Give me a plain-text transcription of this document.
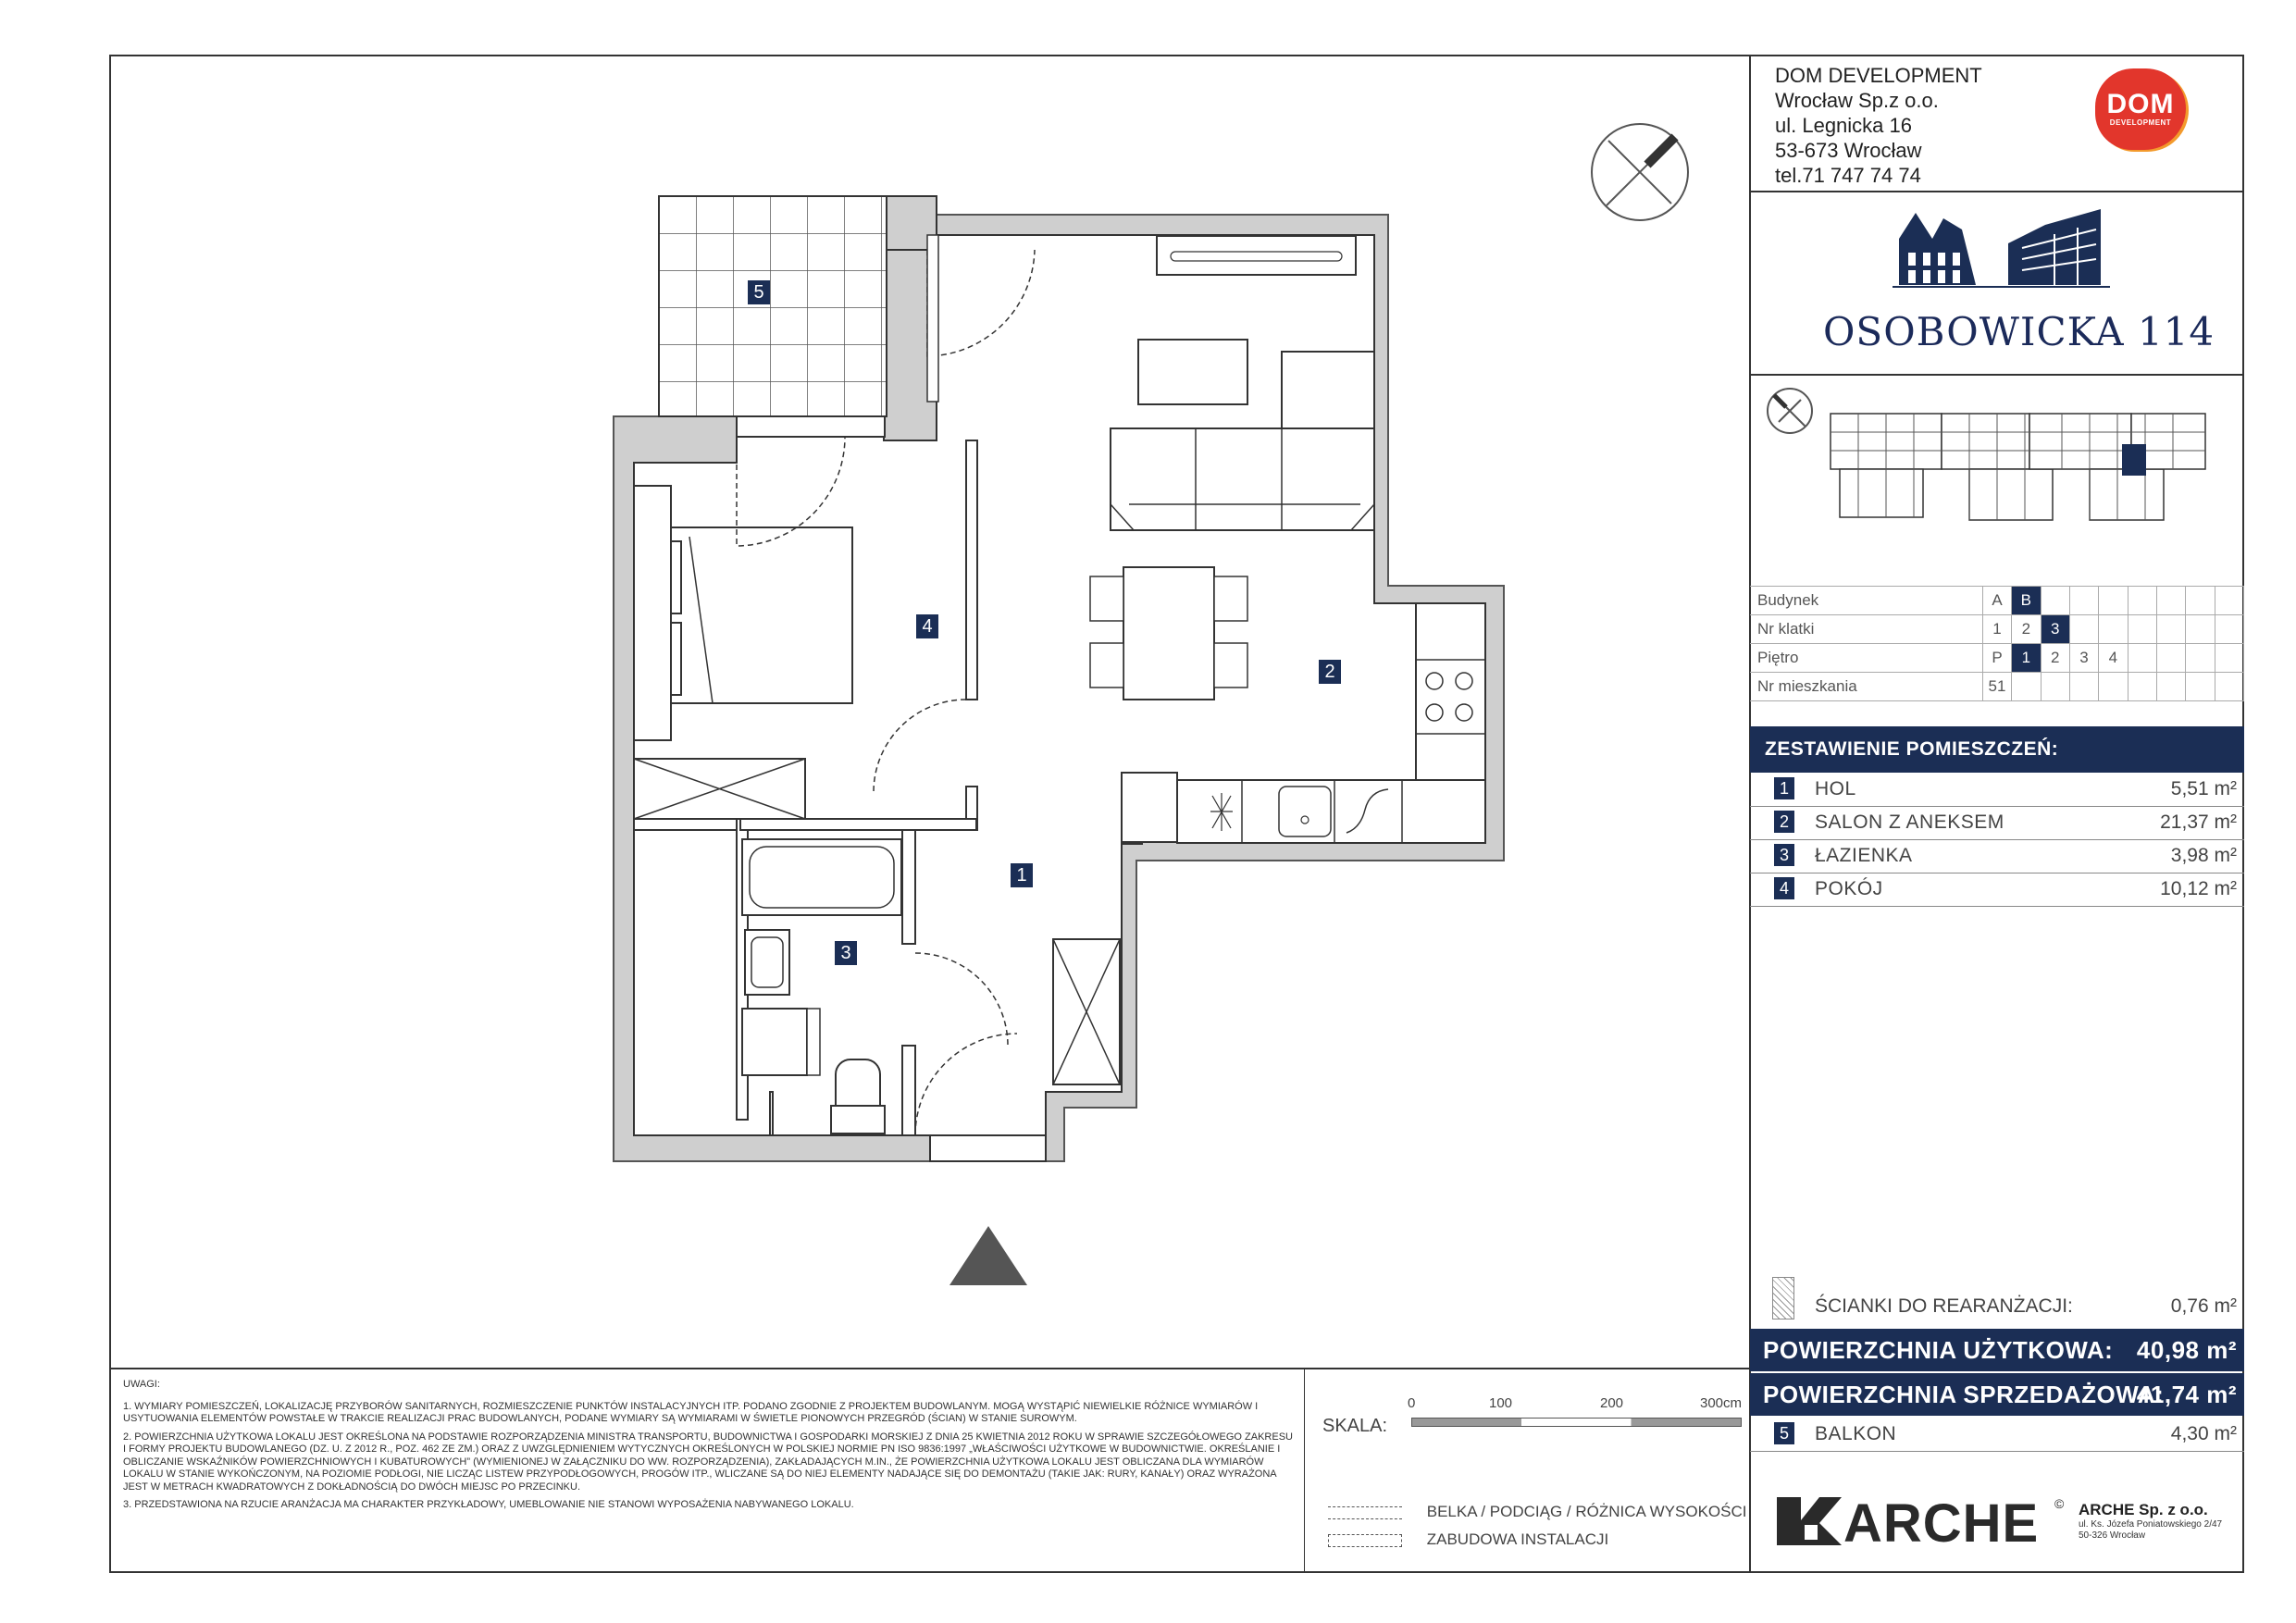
5
4
2
1
3
DOM DEVELOPMENT
Wrocław Sp.z o.o.
ul. Legnicka 16
53-673 Wrocław
tel.71 747 74 74
DOM
DEVELOPMENT
OSOBOWICKA 114
Budynek	A	B							
Nr klatki	1	2	3						
Piętro	P	1	2	3	4				
Nr mieszkania	51								
ZESTAWIENIE POMIESZCZEŃ:
1 HOL	5,51 m²
2 SALON Z ANEKSEM	21,37 m²
3 ŁAZIENKA	3,98 m²
4 POKÓJ	10,12 m²
ŚCIANKI DO REARANŻACJI:	0,76 m²
POWIERZCHNIA UŻYTKOWA: 40,98 m²
POWIERZCHNIA SPRZEDAŻOWA:
41,74 m²
5 BALKON	4,30 m²

UWAGI:

1. WYMIARY POMIESZCZEŃ, LOKALIZACJĘ PRZYBORÓW SANITARNYCH, ROZMIESZCZENIE PUNKTÓW INSTALACYJNYCH ITP. PODANO ZGODNIE Z PROJEKTEM BUDOWLANYM. MOGĄ WYSTĄPIĆ NIEWIELKIE RÓŻNICE WYMIARÓW I USYTUOWANIA ELEMENTÓW POWSTAŁE W TRAKCIE REALIZACJI PRAC BUDOWLANYCH, PODANE WYMIARY SĄ WYMIARAMI W ŚWIETLE PIONOWYCH PRZEGRÓD (ŚCIAN) W STANIE SUROWYM.

2. POWIERZCHNIA UŻYTKOWA LOKALU JEST OKREŚLONA NA PODSTAWIE ROZPORZĄDZENIA MINISTRA TRANSPORTU, BUDOWNICTWA I GOSPODARKI MORSKIEJ Z DNIA 25 KWIETNIA 2012 ROKU W SPRAWIE SZCZEGÓŁOWEGO ZAKRESU I FORMY PROJEKTU BUDOWLANEGO (DZ. U. Z 2012 R., POZ. 462 ZE ZM.) ORAZ Z UWZGLĘDNIENIEM WYTYCZNYCH OKREŚLONYCH W POLSKIEJ NORMIE PN ISO 9836:1997 „WŁAŚCIWOŚCI UŻYTKOWE W BUDOWNICTWIE. OKREŚLANIE I OBLICZANIE WSKAŹNIKÓW POWIERZCHNIOWYCH I KUBATUROWYCH” (WYMIENIONEJ W ZAŁĄCZNIKU DO WW. ROZPORZĄDZENIA), ZAKŁADAJĄCYCH M.IN., ŻE POWIERZCHNIA UŻYTKOWA LOKALU JEST OBLICZANA DLA WYMIARÓW LOKALU W STANIE WYKOŃCZONYM, NA POZIOMIE PODŁOGI, NIE LICZĄC LISTEW PRZYPODŁOGOWYCH, PROGÓW ITP., WLICZANE SĄ DO NIEJ ELEMENTY NADAJĄCE SIĘ DO DEMONTAŻU (TAKIE JAK: RURY, KANAŁY) ORAZ WYRAŻONA JEST W METRACH KWADRATOWYCH Z DOKŁADNOŚCIĄ DO DWÓCH MIEJSC PO PRZECINKU.

3. PRZEDSTAWIONA NA RZUCIE ARANŻACJA MA CHARAKTER PRZYKŁADOWY, UMEBLOWANIE NIE STANOWI WYPOSAŻENIA NABYWANEGO LOKALU.

SKALA:
0	100	200	300cm
BELKA / PODCIĄG / RÓŻNICA WYSOKOŚCI
ZABUDOWA INSTALACJI	ARCHE © ARCHE Sp. z o.o.
ul. Ks. Józefa Poniatowskiego 2/47
50-326 Wrocław
